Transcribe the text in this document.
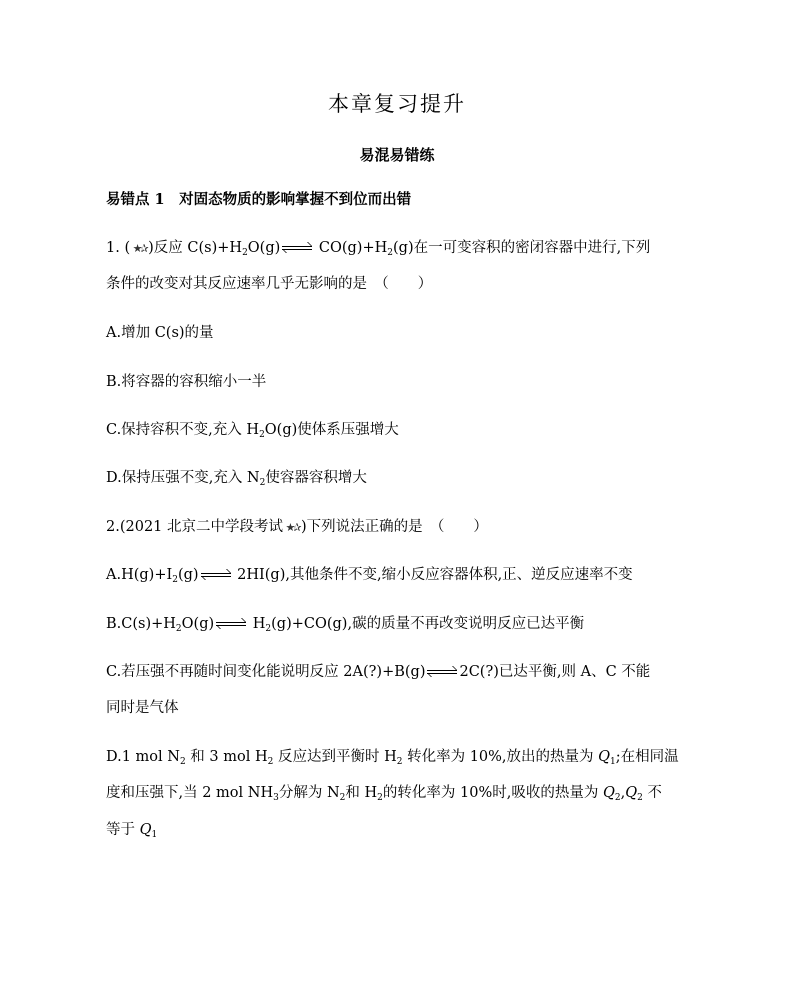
本章复习提升
易混易错练
易错点 1　对固态物质的影响掌握不到位而出错
1. ( ★✰ )反应 $C(s)+H_2O(g)$
$CO(g)+H_2(g)$在一可变容积的密闭容器中进行,下列
条件的改变对其反应速率几乎无影响的是　（　　）
A.增加 C(s)的量
B.将容器的容积缩小一半
C.保持容积不变,充入 $H_2O(g)$使体系压强增大
D.保持压强不变,充入 $N_2$使容器容积增大
2.(2021 北京二中学段考试 ★✰ )下列说法正确的是　（　　）
$A.H(g)+I_2(g)$
2HI(g),其他条件不变,缩小反应容器体积,正、逆反应速率不变
$B.C(s)+H_2O(g)$
$H_2(g)+CO(g)$,碳的质量不再改变说明反应已达平衡
C.若压强不再随时间变化能说明反应 2A(?)+B(g) 2C(?)已达平衡,则 A、C 不能
同时是气体
D.1 mol $N_2$ 和 3 mol $H_2$ 反应达到平衡时 $H_2$ 转化率为 10%,放出的热量为 $Q_1$;在相同温
度和压强下,当 2 mol $NH_3$分解为 $N_2$和 $H_2$的转化率为 10%时,吸收的热量为 $Q_2,Q_2$ 不
等于 $Q_1$
